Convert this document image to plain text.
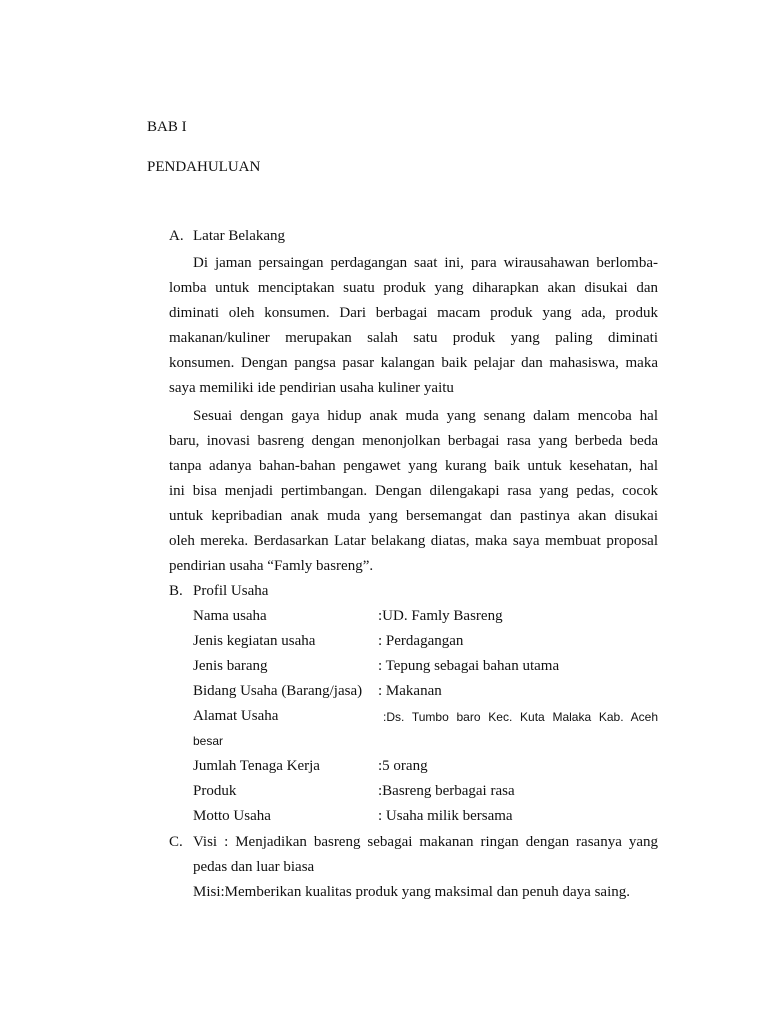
BAB I
PENDAHULUAN
A. Latar Belakang
Di jaman persaingan perdagangan saat ini, para wirausahawan berlomba-
lomba untuk menciptakan suatu produk yang diharapkan akan disukai dan
diminati oleh konsumen. Dari berbagai macam produk yang ada, produk
makanan/kuliner merupakan salah satu produk yang paling diminati
konsumen. Dengan pangsa pasar kalangan baik pelajar dan mahasiswa, maka
saya memiliki ide pendirian usaha kuliner yaitu
Sesuai dengan gaya hidup anak muda yang senang dalam mencoba hal
baru, inovasi basreng dengan menonjolkan berbagai rasa yang berbeda beda
tanpa adanya bahan-bahan pengawet yang kurang baik untuk kesehatan, hal
ini bisa menjadi pertimbangan. Dengan dilengakapi rasa yang pedas, cocok
untuk kepribadian anak muda yang bersemangat dan pastinya akan disukai
oleh mereka. Berdasarkan Latar belakang diatas, maka saya membuat proposal
pendirian usaha “Famly basreng”.
B. Profil Usaha
Nama usaha	:UD. Famly Basreng
Jenis kegiatan usaha	: Perdagangan
Jenis barang	: Tepung sebagai bahan utama
Bidang Usaha (Barang/jasa) : Makanan
Alamat Usaha	:Ds. Tumbo baro Kec. Kuta Malaka Kab. Aceh
besar
Jumlah Tenaga Kerja	:5 orang
Produk	:Basreng berbagai rasa
Motto Usaha	: Usaha milik bersama
C. Visi : Menjadikan basreng sebagai makanan ringan dengan rasanya yang
pedas dan luar biasa
Misi:Memberikan kualitas produk yang maksimal dan penuh daya saing.
